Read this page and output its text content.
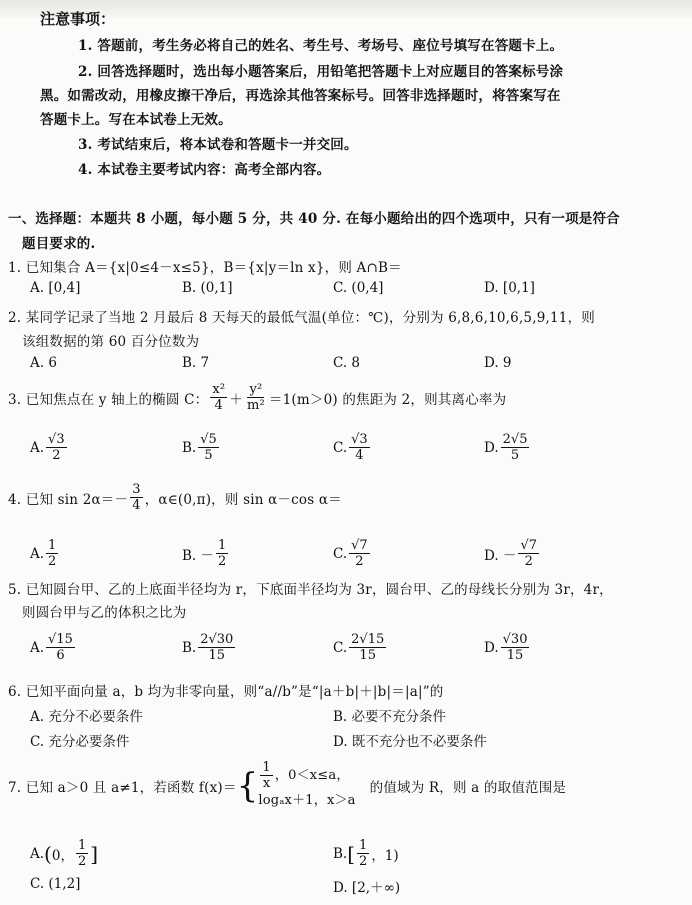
注意事项：
1. 答题前，考生务必将自己的姓名、考生号、考场号、座位号填写在答题卡上。
2. 回答选择题时，选出每小题答案后，用铅笔把答题卡上对应题目的答案标号涂
黑。如需改动，用橡皮擦干净后，再选涂其他答案标号。回答非选择题时，将答案写在
答题卡上。写在本试卷上无效。
3. 考试结束后，将本试卷和答题卡一并交回。
4. 本试卷主要考试内容：高考全部内容。
一、选择题：本题共 8 小题，每小题 5 分，共 40 分. 在每小题给出的四个选项中，只有一项是符合
题目要求的.
1. 已知集合 A＝{x|0≤4－x≤5}，B＝{x|y＝ln x}，则 A∩B＝
A. [0,4]	B. (0,1]	C. (0,4]	D. [0,1]
2. 某同学记录了当地 2 月最后 8 天每天的最低气温(单位：℃)，分别为 6,8,6,10,6,5,9,11，则
该组数据的第 60 百分位数为
A. 6	B. 7	C. 8	D. 9
3. 已知焦点在 y 轴上的椭圆 C： $\frac{\text{x²}}{4} + \frac{\text{y²}}{\text{m²}} =1(m>0)$ 的焦距为 2，则其离心率为
A. $\frac{√3}{2}$	B. $\frac{√5}{5}$	C. $\frac{√3}{4}$	D. $\frac{2√5}{5}$
4. 已知 $\sin 2\alpha=- \frac{3}{4}$ ，α∈(0,π)，则 sin α－cos α＝
A. $\frac{1}{2}$	B. － $\frac{1}{2}$	C. $\frac{√7}{2}$	D. － $\frac{√7}{2}$
5. 已知圆台甲、乙的上底面半径均为 r，下底面半径均为 3r，圆台甲、乙的母线长分别为 3r，4r，
则圆台甲与乙的体积之比为
A. $\frac{√15}{6}$	B. $\frac{2√30}{15}$	C. $\frac{2√15}{15}$	D. $\frac{√30}{15}$
6. 已知平面向量 a，b 均为非零向量，则“a//b”是“|a＋b|＋|b|＝|a|”的
A. 充分不必要条件	B. 必要不充分条件
C. 充分必要条件	D. 既不充分也不必要条件
7. 已知 a＞0 且 a≠1，若函数 f(x)＝ { $\frac{1}{x}$ ，0＜x≤a，
logₐx＋1，x＞a
的值域为 R，则 a 的取值范围是
A. ( 0， $\frac{1}{2}$ ]	B. [ $\frac{1}{2}$ ，1)
C. (1,2]	D. [2,＋∞)
